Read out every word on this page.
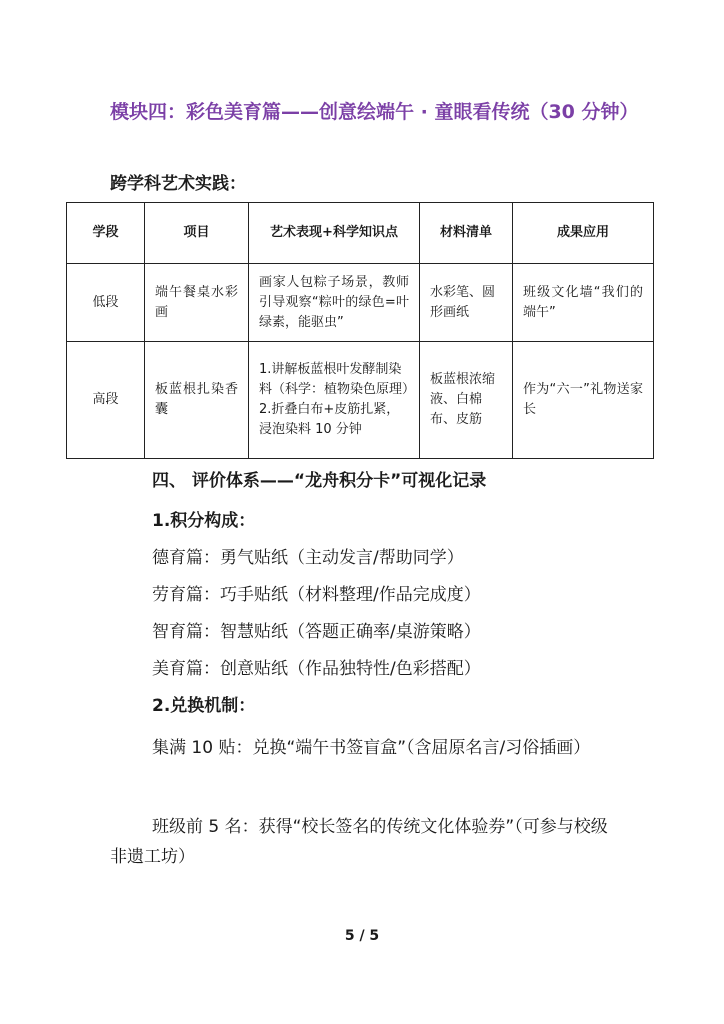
模块四：彩色美育篇——创意绘端午 · 童眼看传统（30 分钟）

跨学科艺术实践：

学段	项目	艺术表现+科学知识点	材料清单	成果应用
低段	端午餐桌水彩画	画家人包粽子场景，教师引导观察“粽叶的绿色=叶绿素，能驱虫”	水彩笔、圆形画纸	班级文化墙“我们的端午”
高段	板蓝根扎染香囊	1.讲解板蓝根叶发酵制染料（科学：植物染色原理）
2.折叠白布+皮筋扎紧，浸泡染料 10 分钟	板蓝根浓缩液、白棉布、皮筋	作为“六一”礼物送家长
四、 评价体系——“龙舟积分卡”可视化记录

1.积分构成：

德育篇：勇气贴纸（主动发言/帮助同学）

劳育篇：巧手贴纸（材料整理/作品完成度）

智育篇：智慧贴纸（答题正确率/桌游策略）

美育篇：创意贴纸（作品独特性/色彩搭配）

2.兑换机制：

集满 10 贴：兑换“端午书签盲盒”（含屈原名言/习俗插画）

班级前 5 名：获得“校长签名的传统文化体验券”（可参与校级非遗工坊）

5 / 5
